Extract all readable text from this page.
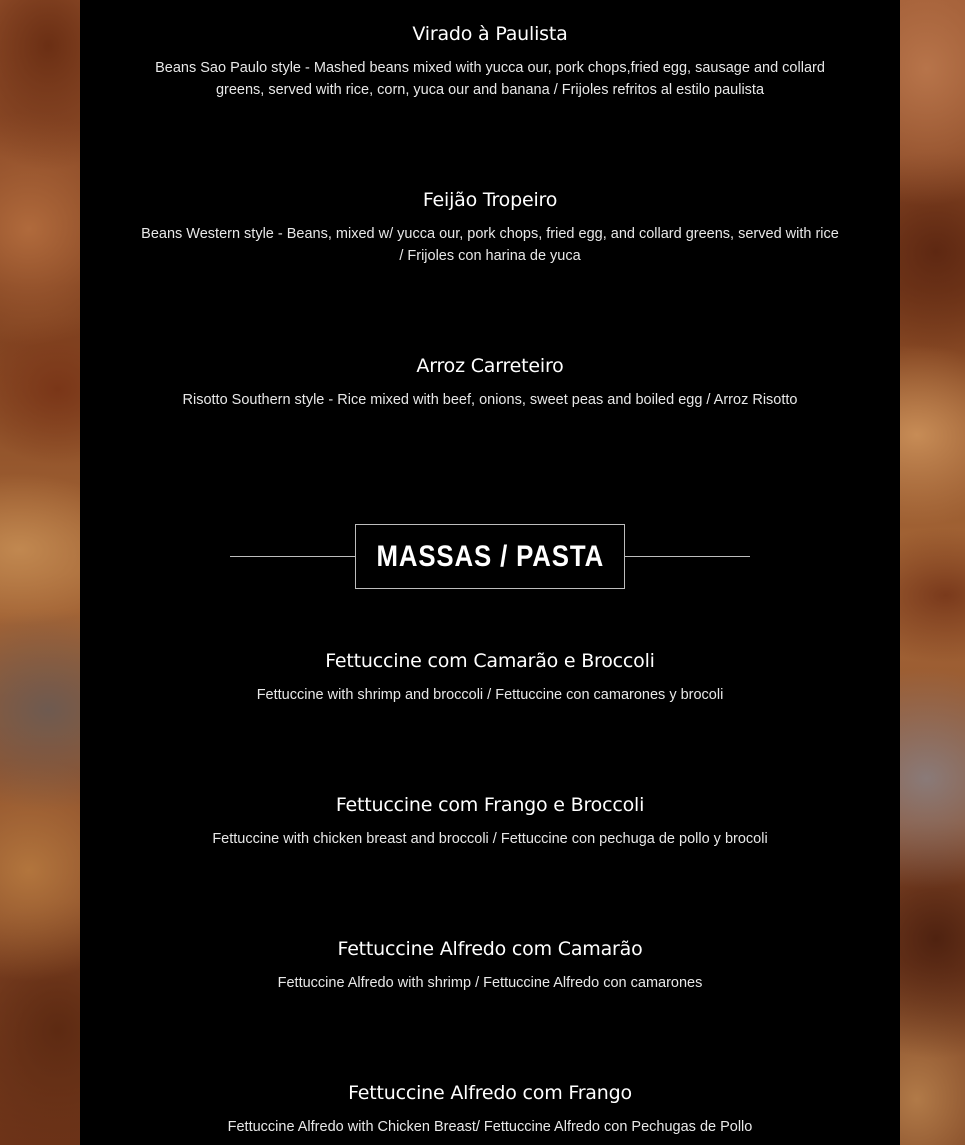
Virado à Paulista
Beans Sao Paulo style - Mashed beans mixed with yucca our, pork chops,fried egg, sausage and collard greens, served with rice, corn, yuca our and banana / Frijoles refritos al estilo paulista
Feijão Tropeiro
Beans Western style - Beans, mixed w/ yucca our, pork chops, fried egg, and collard greens, served with rice / Frijoles con harina de yuca
Arroz Carreteiro
Risotto Southern style - Rice mixed with beef, onions, sweet peas and boiled egg / Arroz Risotto
MASSAS / PASTA
Fettuccine com Camarão e Broccoli
Fettuccine with shrimp and broccoli / Fettuccine con camarones y brocoli
Fettuccine com Frango e Broccoli
Fettuccine with chicken breast and broccoli / Fettuccine con pechuga de pollo y brocoli
Fettuccine Alfredo com Camarão
Fettuccine Alfredo with shrimp / Fettuccine Alfredo con camarones
Fettuccine Alfredo com Frango
Fettuccine Alfredo with Chicken Breast/ Fettuccine Alfredo con Pechugas de Pollo
